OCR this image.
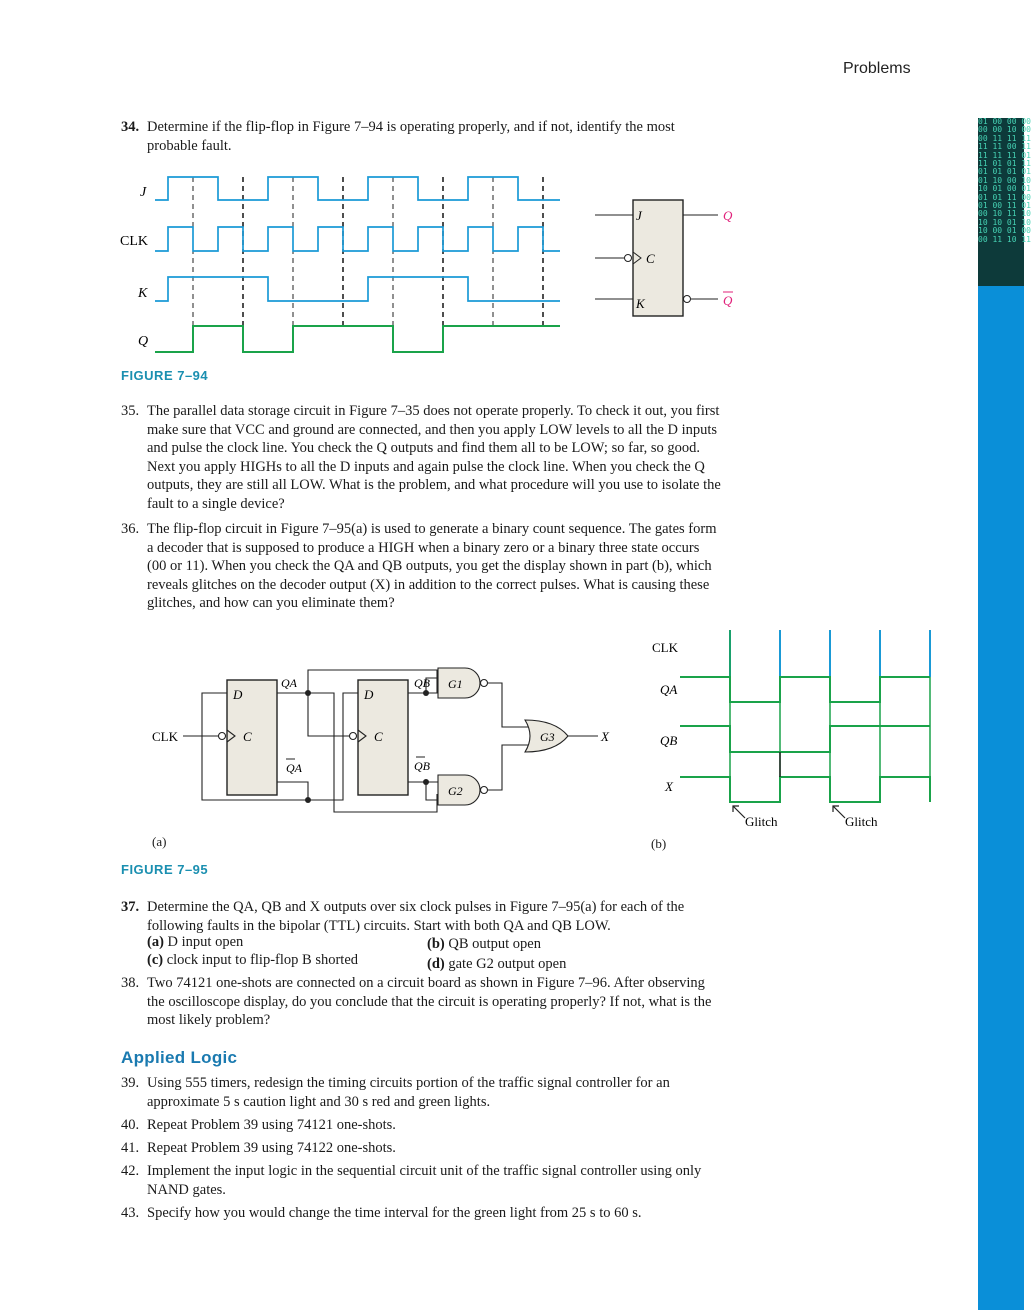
Problems
01 00 00 00
00 00 10 00
00 11 11 11
11 11 00 11
11 11 11 01
11 01 01 11
01 01 01 01
01 10 00 10
10 01 00 01
01 01 11 00
01 00 11 01
00 10 11 10
10 10 01 10
10 00 01 00
00 11 10 11
34. Determine if the flip-flop in Figure 7–94 is operating properly, and if not, identify the most probable fault.
J
CLK
K
Q
J
C
K
Q
Q
FIGURE 7–94
35. The parallel data storage circuit in Figure 7–35 does not operate properly. To check it out, you first make sure that VCC and ground are connected, and then you apply LOW levels to all the D inputs and pulse the clock line. You check the Q outputs and find them all to be LOW; so far, so good. Next you apply HIGHs to all the D inputs and again pulse the clock line. When you check the Q outputs, they are still all LOW. What is the problem, and what procedure will you use to isolate the fault to a single device?
36. The flip-flop circuit in Figure 7–95(a) is used to generate a binary count sequence. The gates form a decoder that is supposed to produce a HIGH when a binary zero or a binary three state occurs (00 or 11). When you check the QA and QB outputs, you get the display shown in part (b), which reveals glitches on the decoder output (X) in addition to the correct pulses. What is causing these glitches, and how can you eliminate them?
CLK
D
C
D
C
QA
QA
QB
QB
G1
G2
G3	X
(a)
CLK
QA
QB
X
Glitch	Glitch
(b)
FIGURE 7–95
37. Determine the QA, QB and X outputs over six clock pulses in Figure 7–95(a) for each of the following faults in the bipolar (TTL) circuits. Start with both QA and QB LOW.
(a) D input open	(b) QB output open
(c) clock input to flip-flop B shorted	(d) gate G2 output open
38. Two 74121 one-shots are connected on a circuit board as shown in Figure 7–96. After observing the oscilloscope display, do you conclude that the circuit is operating properly? If not, what is the most likely problem?
Applied Logic
39. Using 555 timers, redesign the timing circuits portion of the traffic signal controller for an approximate 5 s caution light and 30 s red and green lights.
40. Repeat Problem 39 using 74121 one-shots.
41. Repeat Problem 39 using 74122 one-shots.
42. Implement the input logic in the sequential circuit unit of the traffic signal controller using only NAND gates.
43. Specify how you would change the time interval for the green light from 25 s to 60 s.
